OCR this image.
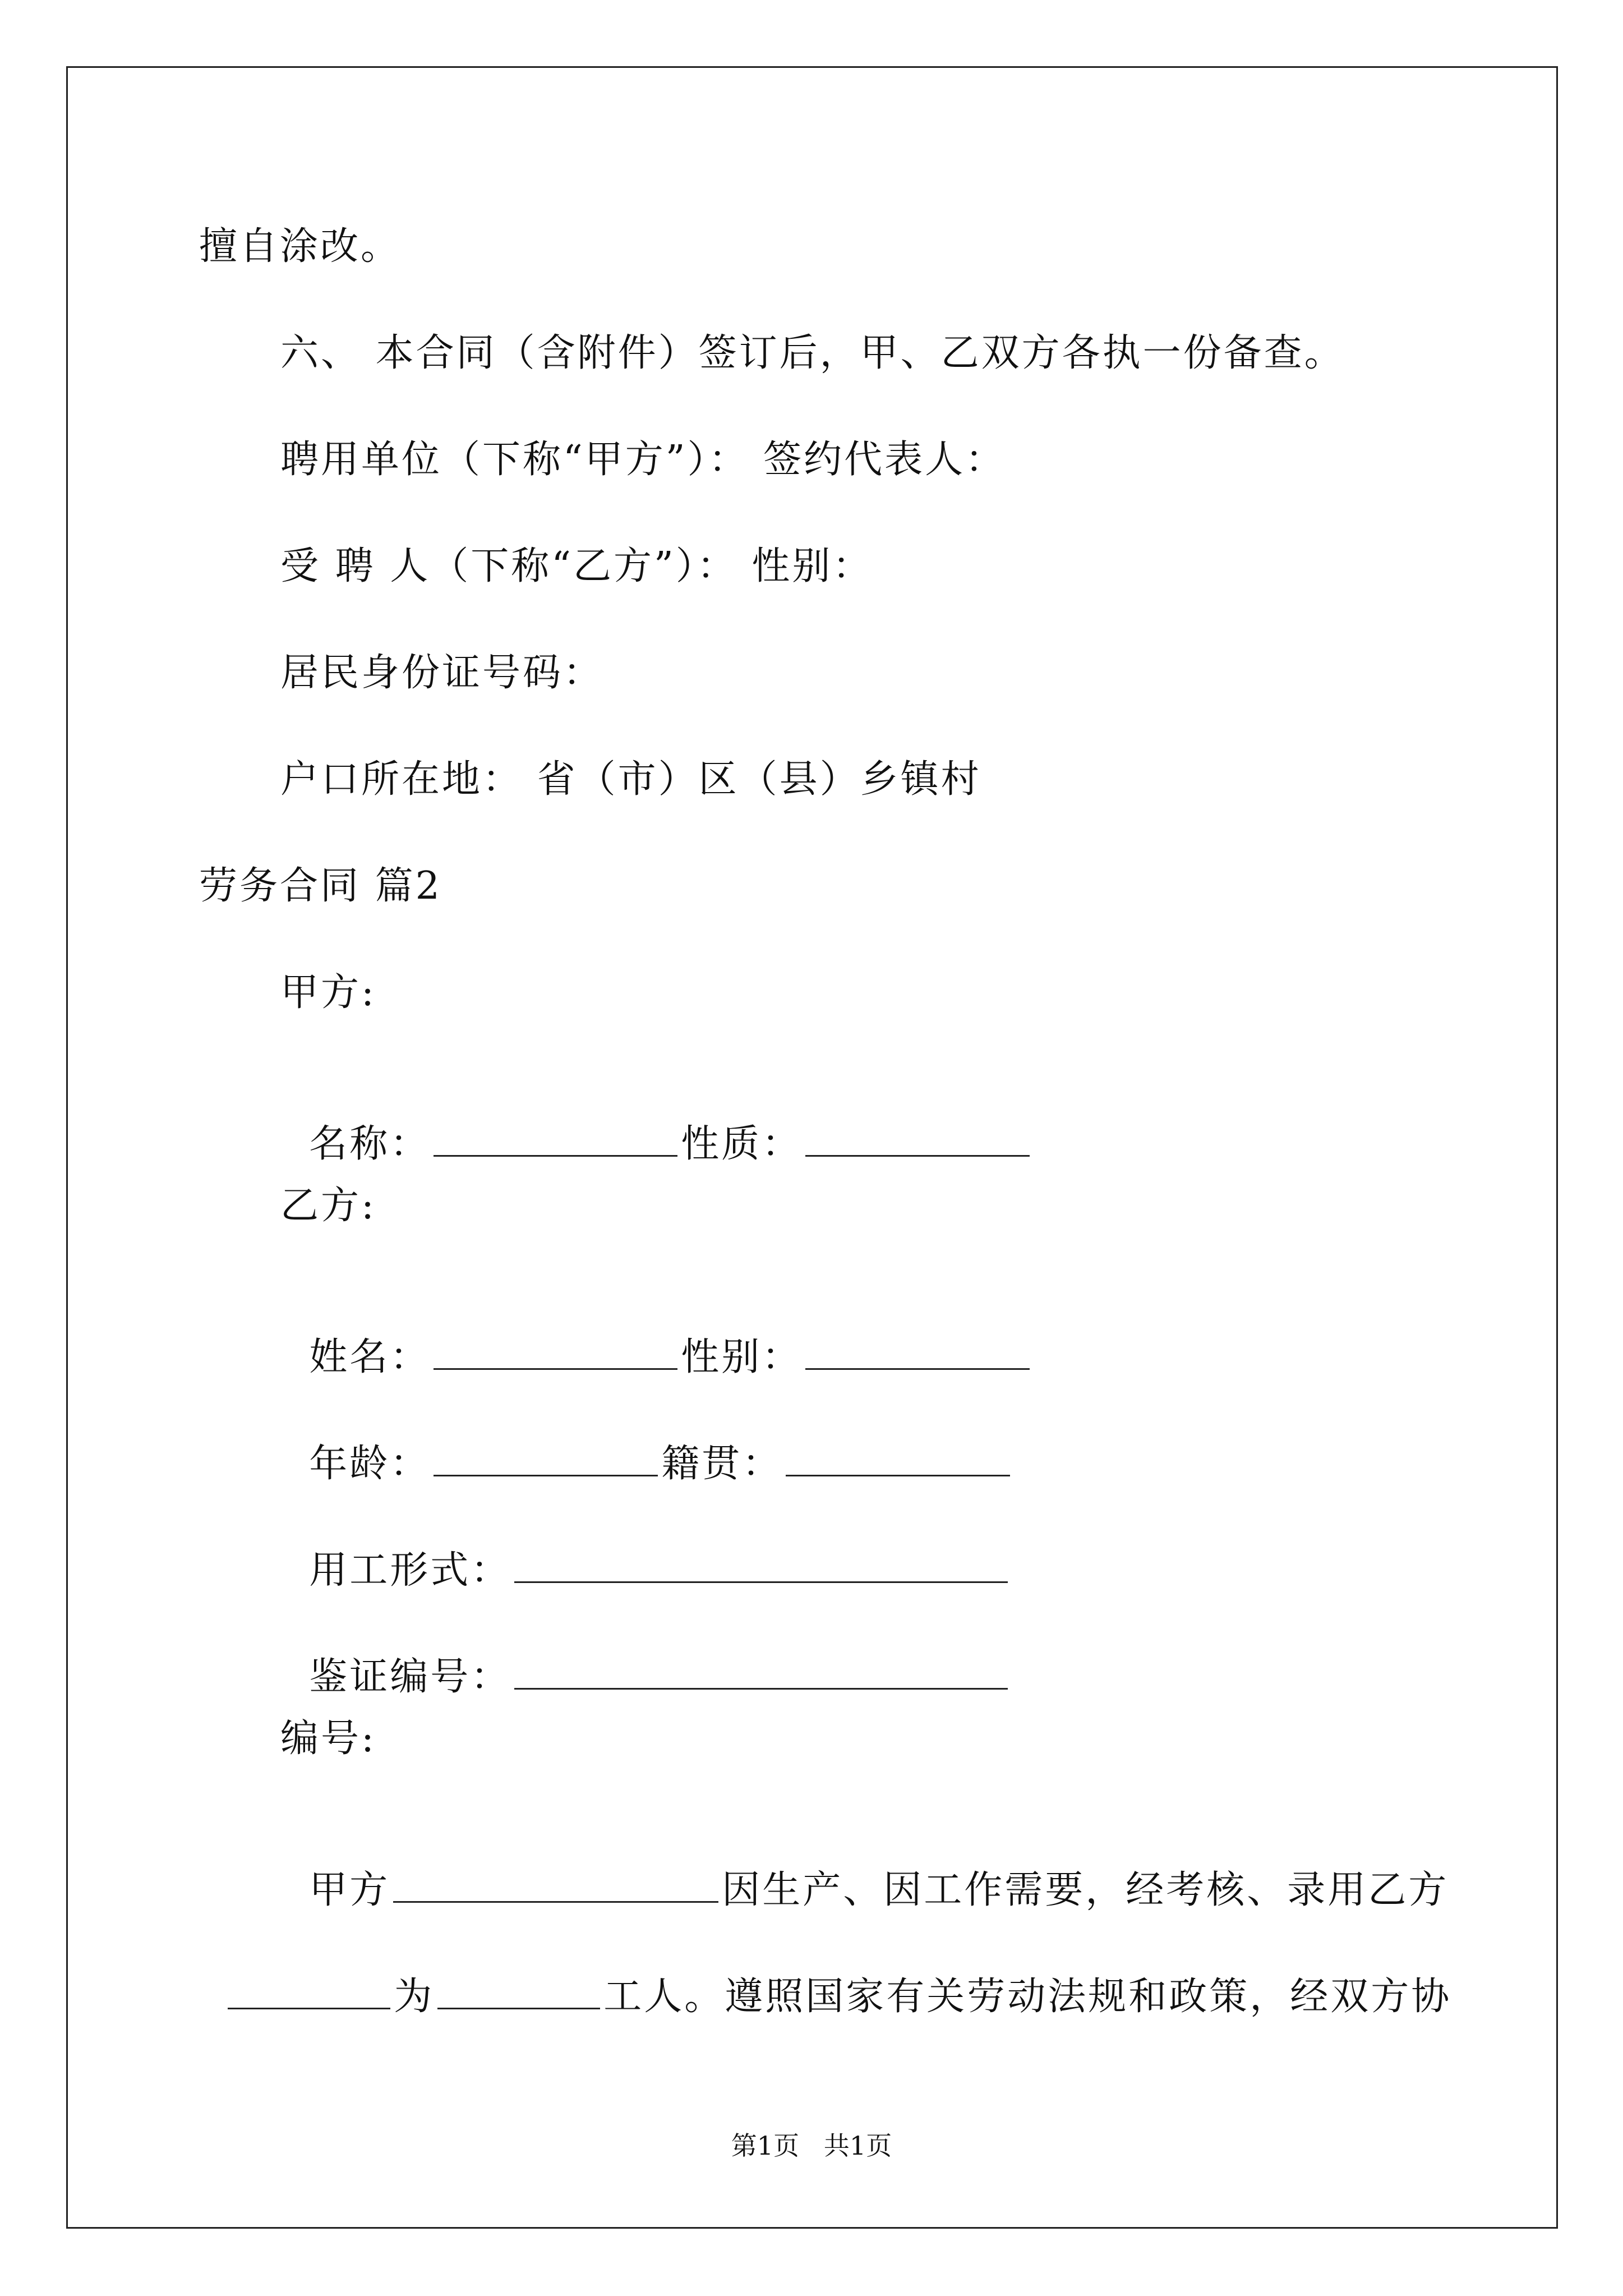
擅自涂改。
六、 本合同（含附件）签订后，甲、乙双方各执一份备查。
聘用单位（下称“甲方”）： 签约代表人：
受 聘 人（下称“乙方”）： 性别：
居民身份证号码：
户口所在地： 省（市）区（县）乡镇村
劳务合同 篇2
甲方:

名称：	性质：

乙方:

姓名：	性别：

年龄：	籍贯：

用工形式：

鉴证编号：

编号:

甲方	因生产、因工作需要，经考核、录用乙方

为	工人。遵照国家有关劳动法规和政策，经双方协

第1页   共1页
